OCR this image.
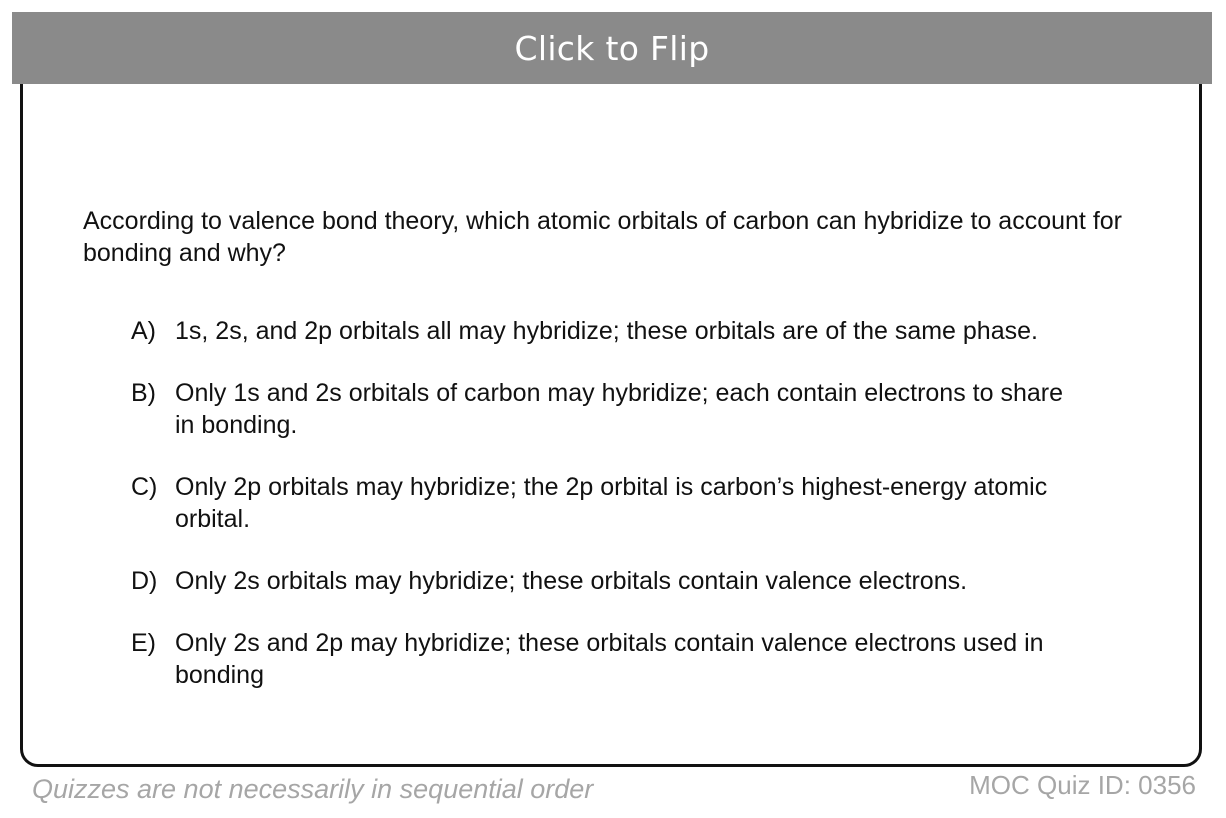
Click to Flip

According to valence bond theory, which atomic orbitals of carbon can hybridize to account for bonding and why?

A) 1s, 2s, and 2p orbitals all may hybridize; these orbitals are of the same phase.
B) Only 1s and 2s orbitals of carbon may hybridize; each contain electrons to share in bonding.
C) Only 2p orbitals may hybridize; the 2p orbital is carbon’s highest-energy atomic orbital.
D) Only 2s orbitals may hybridize; these orbitals contain valence electrons.
E) Only 2s and 2p may hybridize; these orbitals contain valence electrons used in bonding
Quizzes are not necessarily in sequential order	MOC Quiz ID: 0356
